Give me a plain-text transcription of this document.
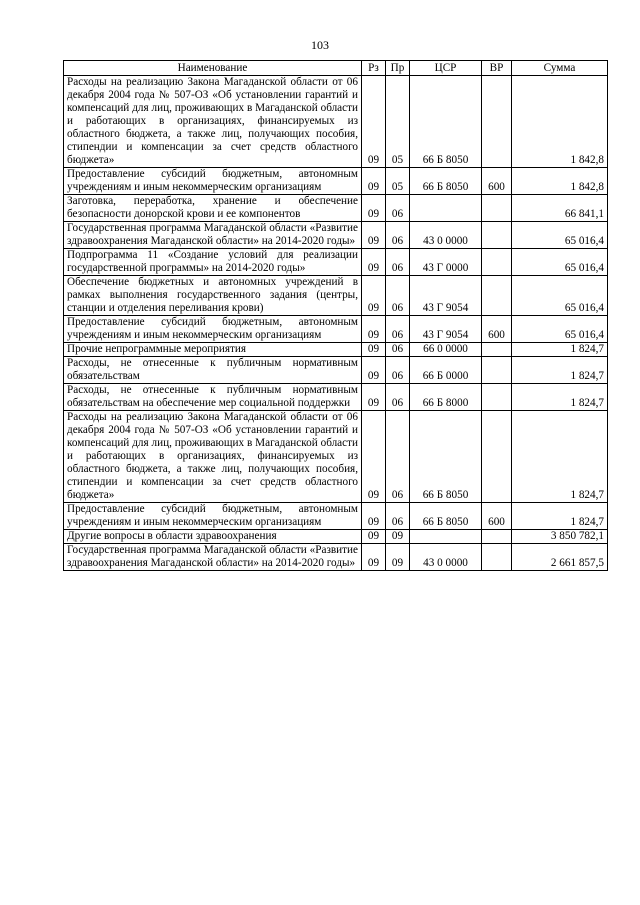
103
Наименование	Рз	Пр	ЦСР	ВР	Сумма
Расходы на реализацию Закона Магаданской области от 06 декабря 2004 года № 507-ОЗ «Об установлении гарантий и компенсаций для лиц, проживающих в Магаданской области и работающих в организациях, финансируемых из областного бюджета, а также лиц, получающих пособия, стипендии и компенсации за счет средств областного бюджета»	09	05	66 Б 8050		1 842,8
Предоставление субсидий бюджетным, автономным учреждениям и иным некоммерческим организациям	09	05	66 Б 8050	600	1 842,8
Заготовка, переработка, хранение и обеспечение безопасности донорской крови и ее компонентов	09	06			66 841,1
Государственная программа Магаданской области «Развитие здравоохранения Магаданской области» на 2014-2020 годы»	09	06	43 0 0000		65 016,4
Подпрограмма 11 «Создание условий для реализации государственной программы» на 2014-2020 годы»	09	06	43 Г 0000		65 016,4
Обеспечение бюджетных и автономных учреждений в рамках выполнения государственного задания (центры, станции и отделения переливания крови)	09	06	43 Г 9054		65 016,4
Предоставление субсидий бюджетным, автономным учреждениям и иным некоммерческим организациям	09	06	43 Г 9054	600	65 016,4
Прочие непрограммные мероприятия	09	06	66 0 0000		1 824,7
Расходы, не отнесенные к публичным нормативным обязательствам	09	06	66 Б 0000		1 824,7
Расходы, не отнесенные к публичным нормативным обязательствам на обеспечение мер социальной поддержки	09	06	66 Б 8000		1 824,7
Расходы на реализацию Закона Магаданской области от 06 декабря 2004 года № 507-ОЗ «Об установлении гарантий и компенсаций для лиц, проживающих в Магаданской области и работающих в организациях, финансируемых из областного бюджета, а также лиц, получающих пособия, стипендии и компенсации за счет средств областного бюджета»	09	06	66 Б 8050		1 824,7
Предоставление субсидий бюджетным, автономным учреждениям и иным некоммерческим организациям	09	06	66 Б 8050	600	1 824,7
Другие вопросы в области здравоохранения	09	09			3 850 782,1
Государственная программа Магаданской области «Развитие здравоохранения Магаданской области» на 2014-2020 годы»	09	09	43 0 0000		2 661 857,5
